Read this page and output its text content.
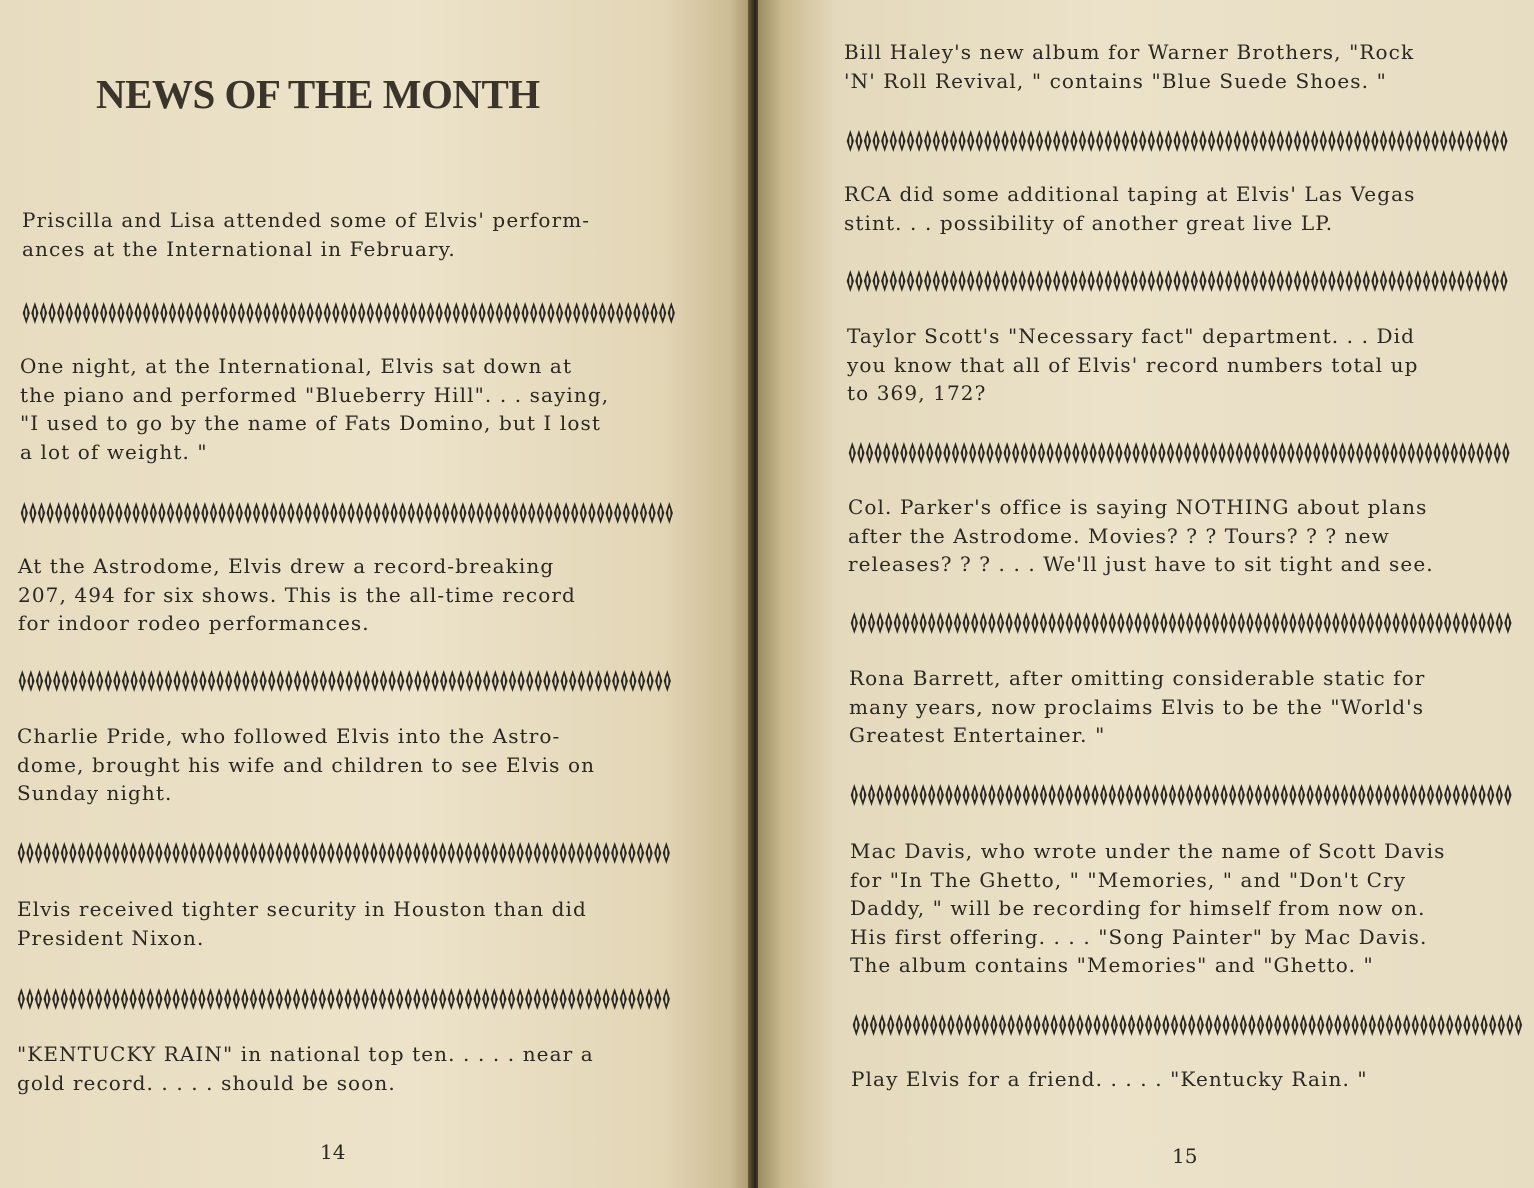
NEWS OF THE MONTH

Priscilla and Lisa attended some of Elvis' perform-
ances at the International in February.

One night, at the International, Elvis sat down at
the piano and performed "Blueberry Hill". . . saying,
"I used to go by the name of Fats Domino, but I lost
a lot of weight. "

At the Astrodome, Elvis drew a record-breaking
207, 494 for six shows. This is the all-time record
for indoor rodeo performances.

Charlie Pride, who followed Elvis into the Astro-
dome, brought his wife and children to see Elvis on
Sunday night.

Elvis received tighter security in Houston than did
President Nixon.

"KENTUCKY RAIN" in national top ten. . . . . near a
gold record. . . . . should be soon.

14

Bill Haley's new album for Warner Brothers, "Rock
'N' Roll Revival, " contains "Blue Suede Shoes. "

RCA did some additional taping at Elvis' Las Vegas
stint. . . possibility of another great live LP.

Taylor Scott's "Necessary fact" department. . . Did
you know that all of Elvis' record numbers total up
to 369, 172?

Col. Parker's office is saying NOTHING about plans
after the Astrodome. Movies? ? ? Tours? ? ? new
releases? ? ? . . . We'll just have to sit tight and see.

Rona Barrett, after omitting considerable static for
many years, now proclaims Elvis to be the "World's
Greatest Entertainer. "

Mac Davis, who wrote under the name of Scott Davis
for "In The Ghetto, " "Memories, " and "Don't Cry
Daddy, " will be recording for himself from now on.
His first offering. . . . "Song Painter" by Mac Davis.
The album contains "Memories" and "Ghetto. "

Play Elvis for a friend. . . . . "Kentucky Rain. "

15
